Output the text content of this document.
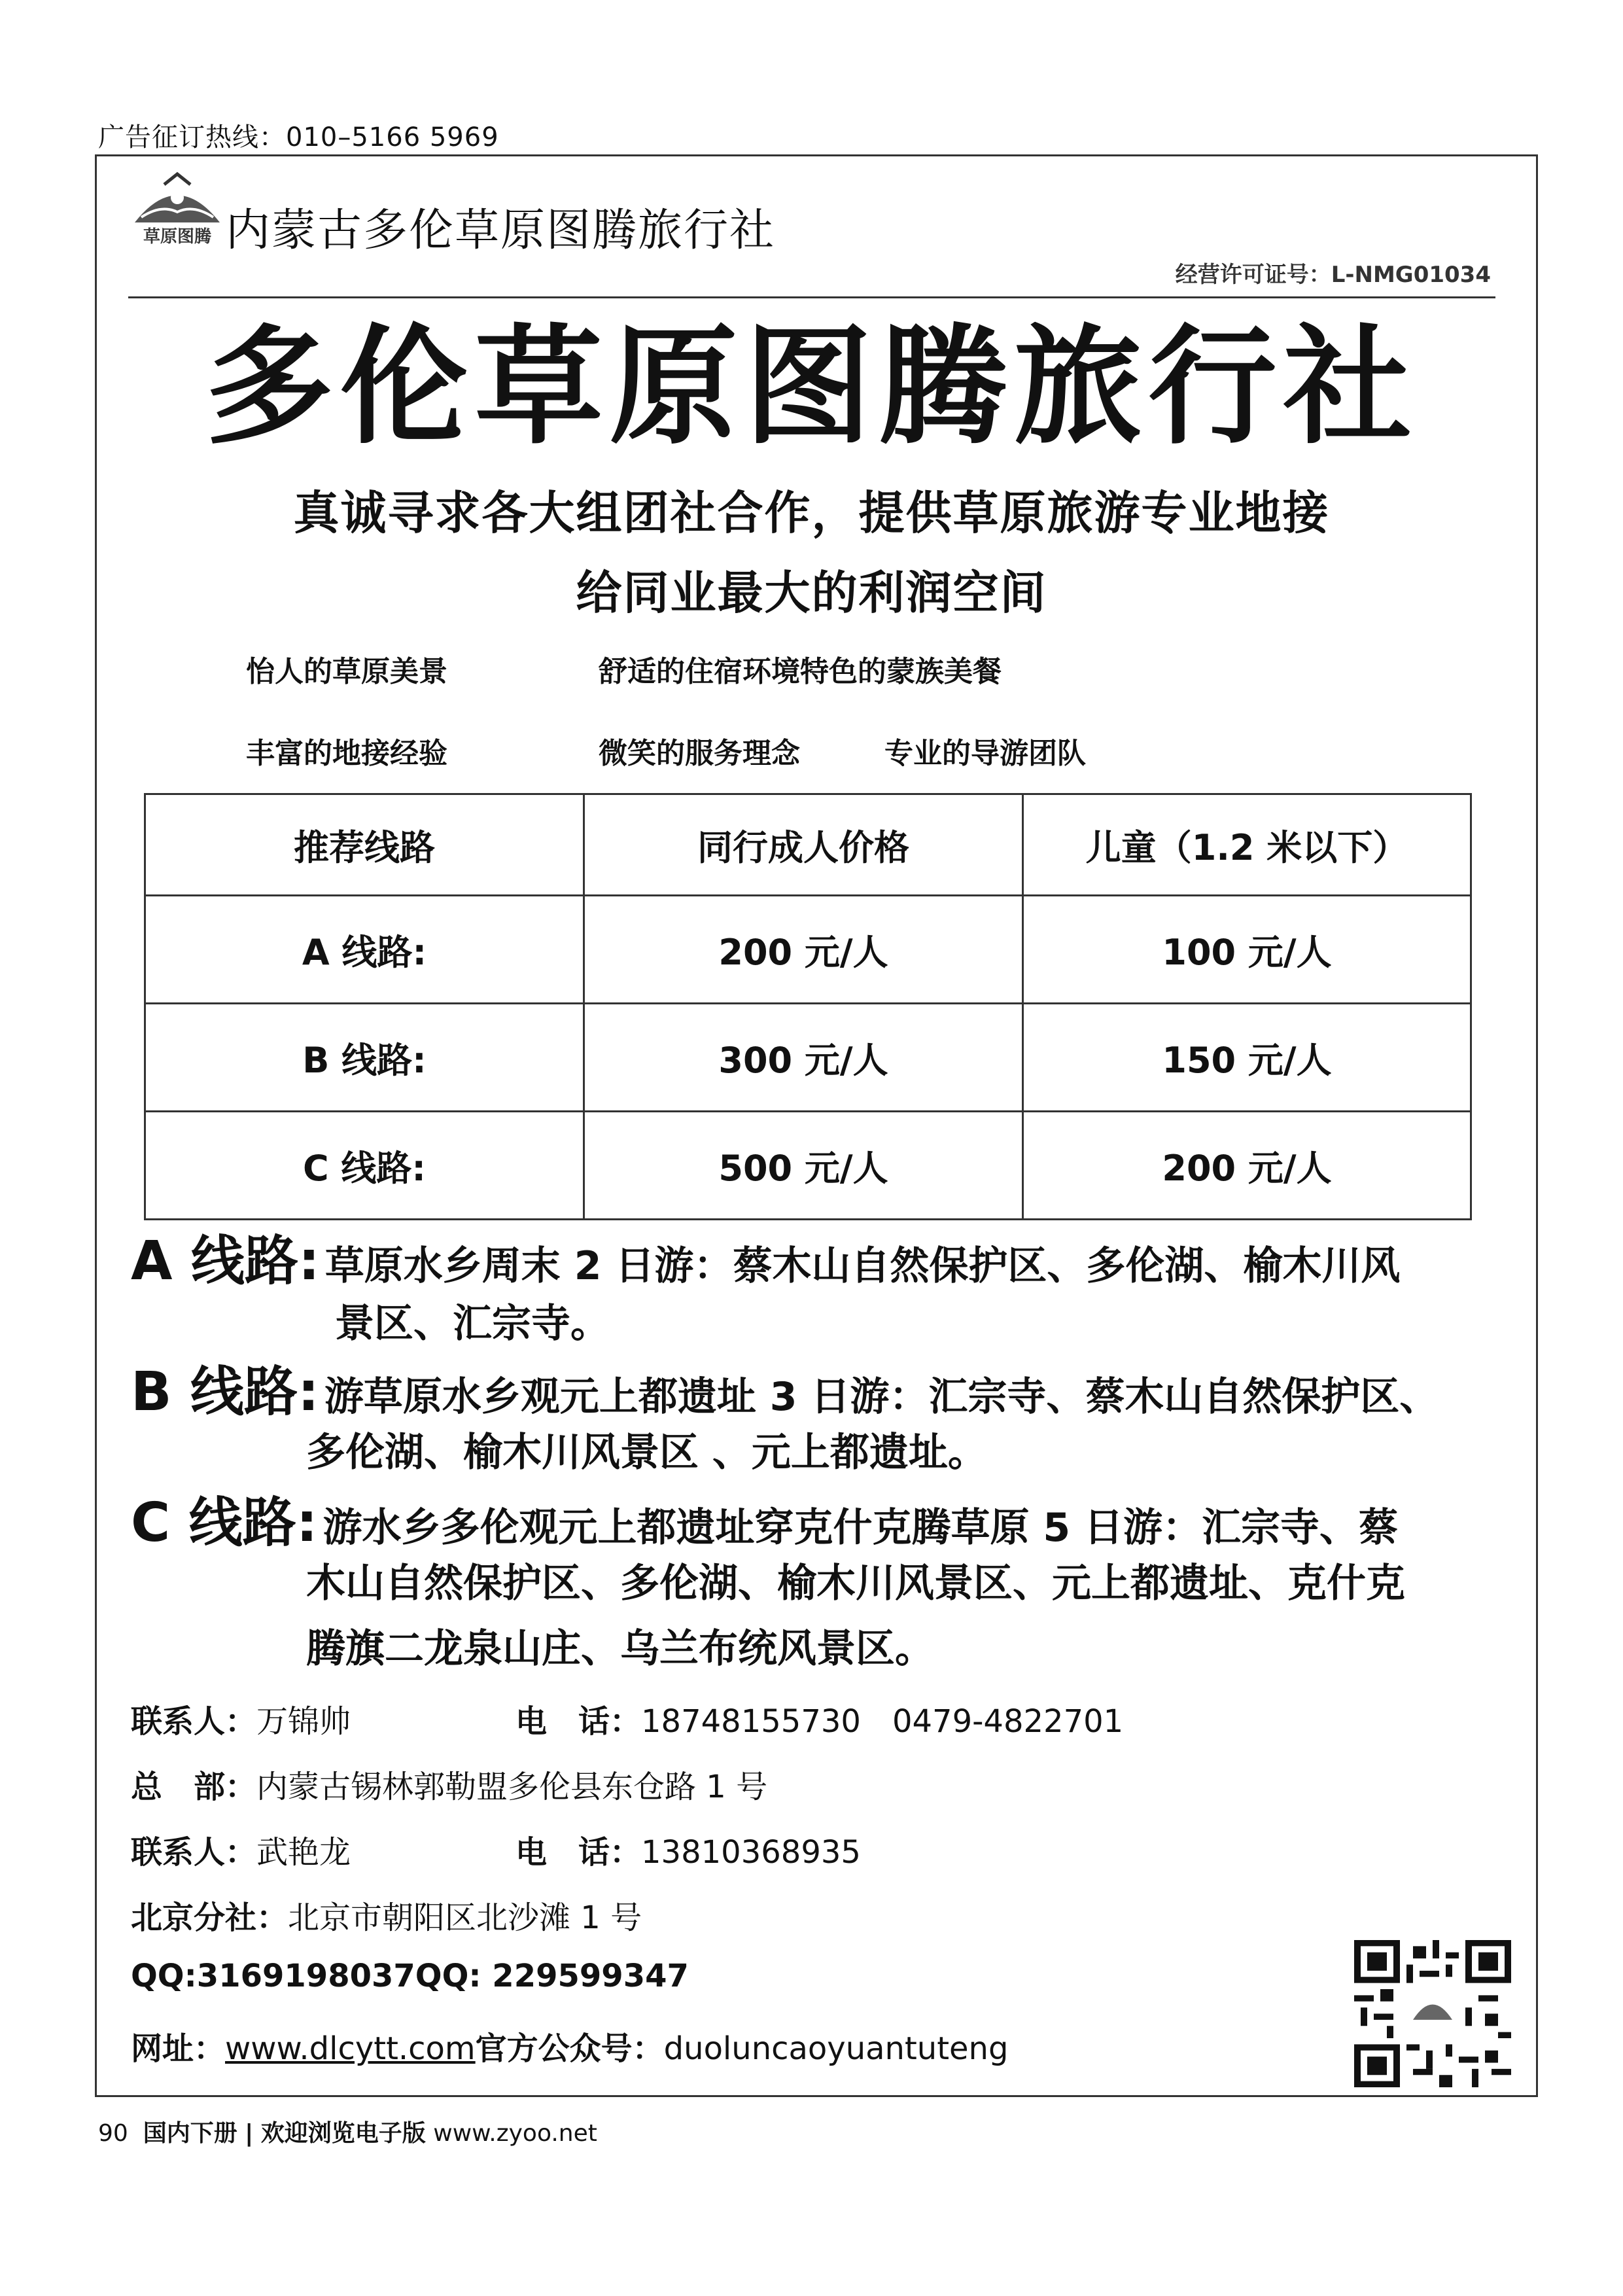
广告征订热线：010–5166 5969
草原图腾 内蒙古多伦草原图腾旅行社
经营许可证号：L-NMG01034
多伦草原图腾旅行社
真诚寻求各大组团社合作，提供草原旅游专业地接
给同业最大的利润空间
怡人的草原美景	舒适的住宿环境特色的蒙族美餐
丰富的地接经验	微笑的服务理念	专业的导游团队
推荐线路	同行成人价格	儿童（1.2 米以下）
A 线路:	200 元/人	100 元/人
B 线路:	300 元/人	150 元/人
C 线路:	500 元/人	200 元/人
A 线路: 草原水乡周末 2 日游：蔡木山自然保护区、多伦湖、榆木川风
景区、汇宗寺。
B 线路: 游草原水乡观元上都遗址 3 日游：汇宗寺、蔡木山自然保护区、
多伦湖、榆木川风景区 、元上都遗址。
C 线路: 游水乡多伦观元上都遗址穿克什克腾草原 5 日游：汇宗寺、蔡
木山自然保护区、多伦湖、榆木川风景区、元上都遗址、克什克
腾旗二龙泉山庄、乌兰布统风景区。
联系人：万锦帅	电　话：18748155730　0479-4822701
总　部：内蒙古锡林郭勒盟多伦县东仓路 1 号
联系人：武艳龙	电　话：13810368935
北京分社：北京市朝阳区北沙滩 1 号
QQ:3169198037QQ: 229599347
网址：www.dlcytt.com官方公众号：duoluncaoyuantuteng
90 国内下册 | 欢迎浏览电子版 www.zyoo.net
